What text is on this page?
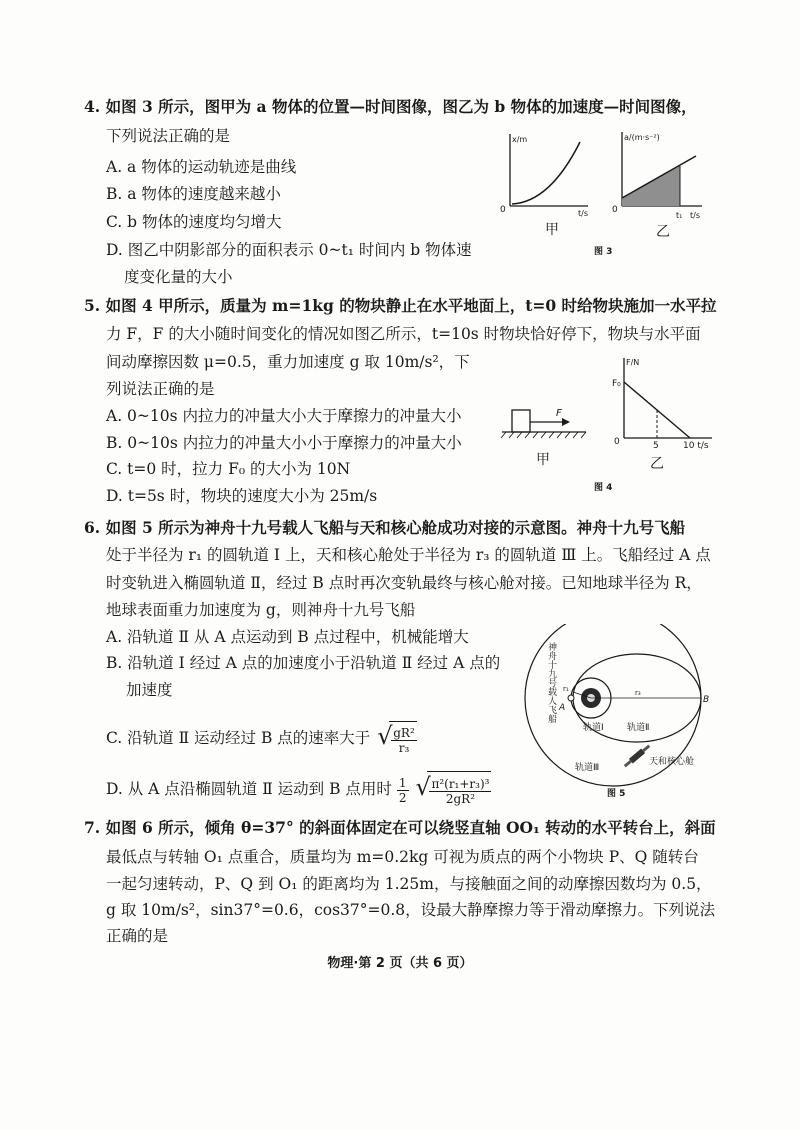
4. 如图 3 所示，图甲为 a 物体的位置—时间图像，图乙为 b 物体的加速度—时间图像，
下列说法正确的是
A. a 物体的运动轨迹是曲线
B. a 物体的速度越来越小
C. b 物体的速度均匀增大
D. 图乙中阴影部分的面积表示 0~t₁ 时间内 b 物体速
度变化量的大小
x/m
t/s
0
甲
a/(m·s⁻²)
t/s
0
t₁
乙
图 3
5. 如图 4 甲所示，质量为 m=1kg 的物块静止在水平地面上，t=0 时给物块施加一水平拉
力 F，F 的大小随时间变化的情况如图乙所示，t=10s 时物块恰好停下，物块与水平面
间动摩擦因数 μ=0.5，重力加速度 g 取 10m/s²，下
列说法正确的是
A. 0~10s 内拉力的冲量大小大于摩擦力的冲量大小
B. 0~10s 内拉力的冲量大小小于摩擦力的冲量大小
C. t=0 时，拉力 F₀ 的大小为 10N
D. t=5s 时，物块的速度大小为 25m/s
F
甲
F/N
F₀
0	5	10 t/s
乙
图 4
6. 如图 5 所示为神舟十九号载人飞船与天和核心舱成功对接的示意图。神舟十九号飞船
处于半径为 r₁ 的圆轨道 Ⅰ 上，天和核心舱处于半径为 r₃ 的圆轨道 Ⅲ 上。飞船经过 A 点
时变轨进入椭圆轨道 Ⅱ，经过 B 点时再次变轨最终与核心舱对接。已知地球半径为 R，
地球表面重力加速度为 g，则神舟十九号飞船
A. 沿轨道 Ⅱ 从 A 点运动到 B 点过程中，机械能增大
B. 沿轨道 Ⅰ 经过 A 点的加速度小于沿轨道 Ⅱ 经过 A 点的
加速度
C. 沿轨道 Ⅱ 运动经过 B 点的速率大于 √ $\frac{\text{gR²}}{\text{r₃}}$
D. 从 A 点沿椭圆轨道 Ⅱ 运动到 B 点用时 $\frac{1}{2}$
√ $\frac{\text{π²(r₁+r₃)³}}{\text{2gR²}}$
r₁	r₃
A
B
轨道Ⅰ	轨道Ⅱ
轨道Ⅲ
神舟十九号载人飞船
天和核心舱
图 5
7. 如图 6 所示，倾角 θ=37° 的斜面体固定在可以绕竖直轴 OO₁ 转动的水平转台上，斜面
最低点与转轴 O₁ 点重合，质量均为 m=0.2kg 可视为质点的两个小物块 P、Q 随转台
一起匀速转动，P、Q 到 O₁ 的距离均为 1.25m，与接触面之间的动摩擦因数均为 0.5，
g 取 10m/s²，sin37°=0.6，cos37°=0.8，设最大静摩擦力等于滑动摩擦力。下列说法
正确的是
物理·第 2 页（共 6 页）
